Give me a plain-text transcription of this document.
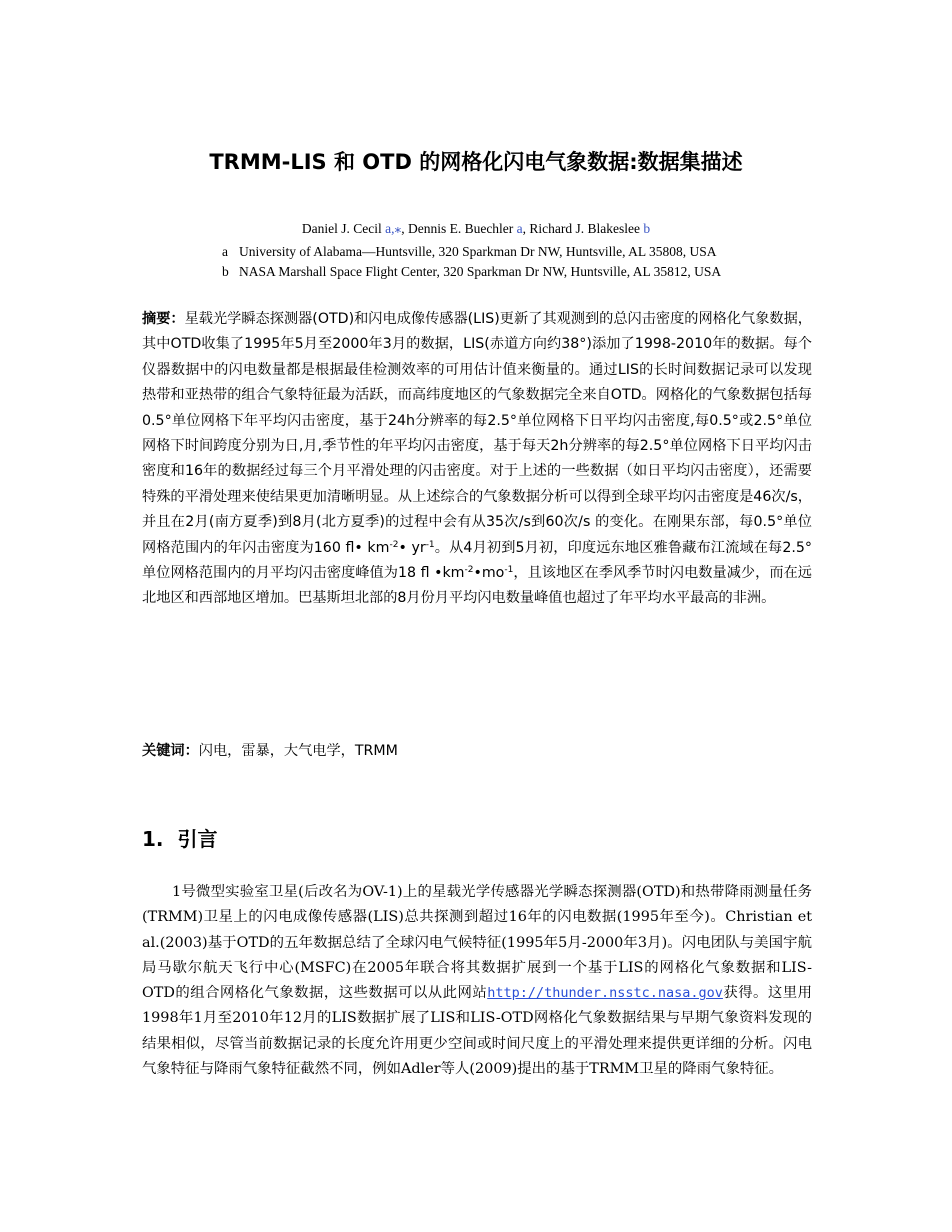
TRMM-LIS 和 OTD 的网格化闪电气象数据:数据集描述
Daniel J. Cecil a,⁎, Dennis E. Buechler a, Richard J. Blakeslee b
a University of Alabama—Huntsville, 320 Sparkman Dr NW, Huntsville, AL 35808, USA
b NASA Marshall Space Flight Center, 320 Sparkman Dr NW, Huntsville, AL 35812, USA
摘要：星载光学瞬态探测器(OTD)和闪电成像传感器(LIS)更新了其观测到的总闪击密度的网格化气象数据，其中OTD收集了1995年5月至2000年3月的数据，LIS(赤道方向约38°)添加了1998-2010年的数据。每个仪器数据中的闪电数量都是根据最佳检测效率的可用估计值来衡量的。通过LIS的长时间数据记录可以发现热带和亚热带的组合气象特征最为活跃，而高纬度地区的气象数据完全来自OTD。网格化的气象数据包括每0.5°单位网格下年平均闪击密度，基于24h分辨率的每2.5°单位网格下日平均闪击密度,每0.5°或2.5°单位网格下时间跨度分别为日,月,季节性的年平均闪击密度，基于每天2h分辨率的每2.5°单位网格下日平均闪击密度和16年的数据经过每三个月平滑处理的闪击密度。对于上述的一些数据（如日平均闪击密度），还需要特殊的平滑处理来使结果更加清晰明显。从上述综合的气象数据分析可以得到全球平均闪击密度是46次/s，并且在2月(南方夏季)到8月(北方夏季)的过程中会有从35次/s到60次/s 的变化。在刚果东部，每0.5°单位网格范围内的年闪击密度为160 fl• $km^{-2}•$ $yr^{-1}$。从4月初到5月初，印度远东地区雅鲁藏布江流域在每2.5°单位网格范围内的月平均闪击密度峰值为18 fl $•km^{-2}•mo^{-1}$，且该地区在季风季节时闪电数量减少，而在远北地区和西部地区增加。巴基斯坦北部的8月份月平均闪电数量峰值也超过了年平均水平最高的非洲。
关键词：闪电，雷暴，大气电学，TRMM
1. 引言
1号微型实验室卫星(后改名为OV-1)上的星载光学传感器光学瞬态探测器(OTD)和热带降雨测量任务(TRMM)卫星上的闪电成像传感器(LIS)总共探测到超过16年的闪电数据(1995年至今)。Christian et al.(2003)基于OTD的五年数据总结了全球闪电气候特征(1995年5月-2000年3月)。闪电团队与美国宇航局马歇尔航天飞行中心(MSFC)在2005年联合将其数据扩展到一个基于LIS的网格化气象数据和LIS-OTD的组合网格化气象数据，这些数据可以从此网站http://thunder.nsstc.nasa.gov获得。这里用1998年1月至2010年12月的LIS数据扩展了LIS和LIS-OTD网格化气象数据结果与早期气象资料发现的结果相似，尽管当前数据记录的长度允许用更少空间或时间尺度上的平滑处理来提供更详细的分析。闪电气象特征与降雨气象特征截然不同，例如Adler等人(2009)提出的基于TRMM卫星的降雨气象特征。
